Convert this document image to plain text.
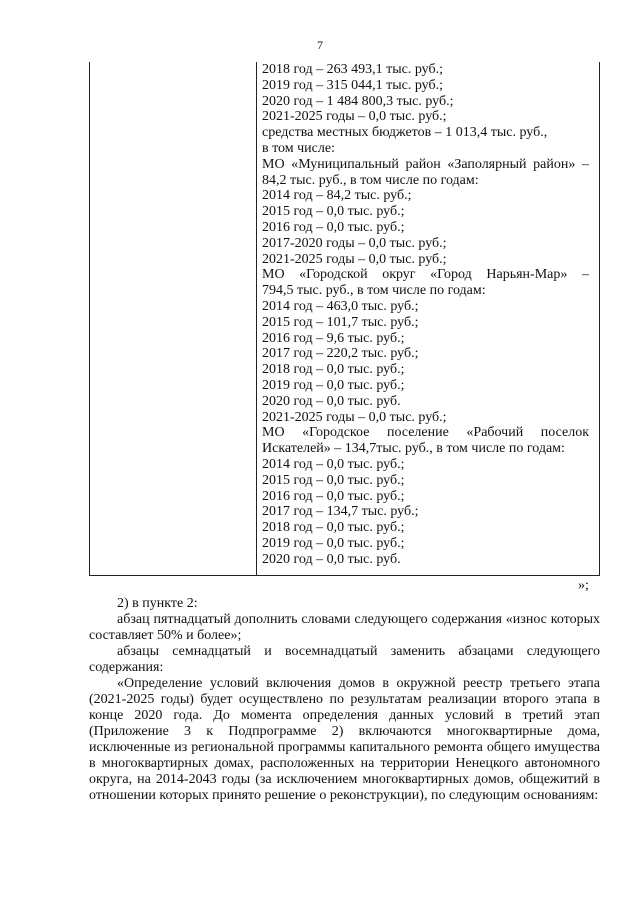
7
2018 год – 263 493,1 тыс. руб.;
2019 год – 315 044,1 тыс. руб.;
2020 год – 1 484 800,3 тыс. руб.;
2021-2025 годы – 0,0 тыс. руб.;
средства местных бюджетов – 1 013,4 тыс. руб.,
в том числе:
МО «Муниципальный район «Заполярный район» –
84,2 тыс. руб., в том числе по годам:
2014 год – 84,2 тыс. руб.;
2015 год – 0,0 тыс. руб.;
2016 год – 0,0 тыс. руб.;
2017-2020 годы – 0,0 тыс. руб.;
2021-2025 годы – 0,0 тыс. руб.;
МО «Городской округ «Город Нарьян-Мар» –
794,5 тыс. руб., в том числе по годам:
2014 год – 463,0 тыс. руб.;
2015 год – 101,7 тыс. руб.;
2016 год – 9,6 тыс. руб.;
2017 год – 220,2 тыс. руб.;
2018 год – 0,0 тыс. руб.;
2019 год – 0,0 тыс. руб.;
2020 год – 0,0 тыс. руб.
2021-2025 годы – 0,0 тыс. руб.;
МО «Городское поселение «Рабочий поселок
Искателей» – 134,7тыс. руб., в том числе по годам:
2014 год – 0,0 тыс. руб.;
2015 год – 0,0 тыс. руб.;
2016 год – 0,0 тыс. руб.;
2017 год – 134,7 тыс. руб.;
2018 год – 0,0 тыс. руб.;
2019 год – 0,0 тыс. руб.;
2020 год – 0,0 тыс. руб.
»;

2) в пункте 2:

абзац пятнадцатый дополнить словами следующего содержания «износ которых составляет 50% и более»;

абзацы семнадцатый и восемнадцатый заменить абзацами следующего содержания:

«Определение условий включения домов в окружной реестр третьего этапа (2021-2025 годы) будет осуществлено по результатам реализации второго этапа в конце 2020 года. До момента определения данных условий в третий этап (Приложение 3 к Подпрограмме 2) включаются многоквартирные дома, исключенные из региональной программы капитального ремонта общего имущества в многоквартирных домах, расположенных на территории Ненецкого автономного округа, на 2014-2043 годы (за исключением многоквартирных домов, общежитий в отношении которых принято решение о реконструкции), по следующим основаниям:
